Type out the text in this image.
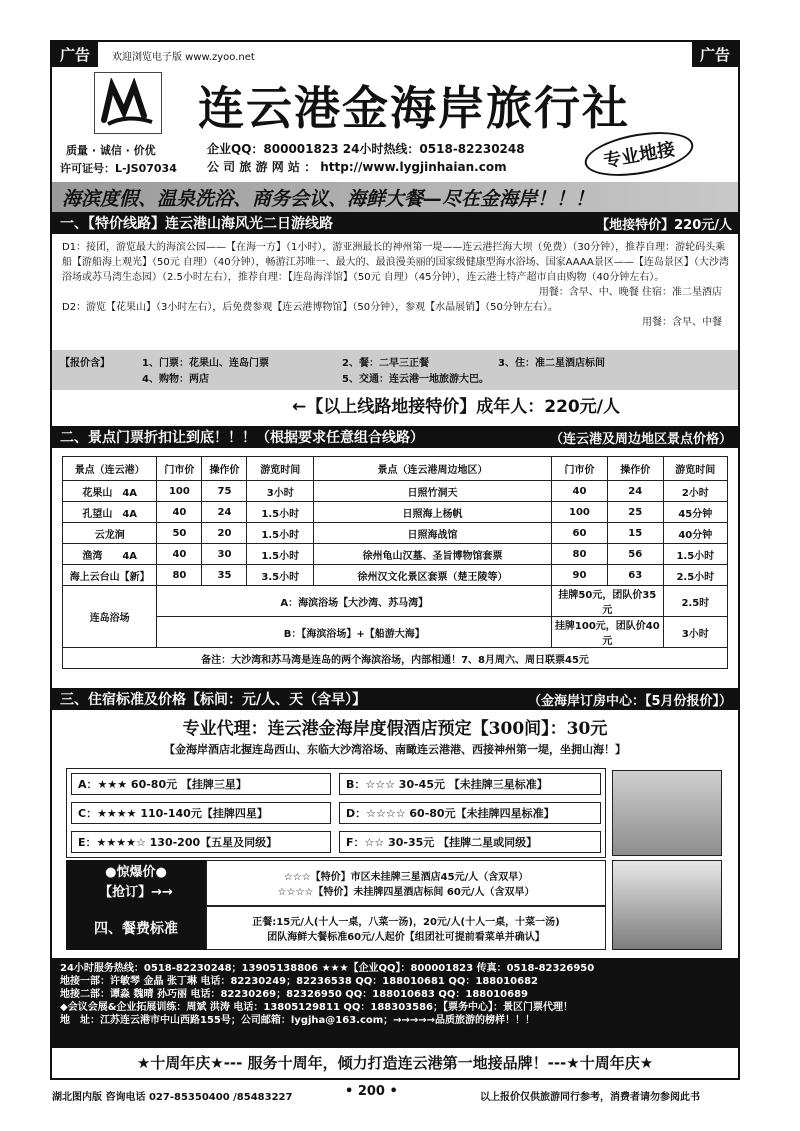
广告	欢迎浏览电子版 www.zyoo.net	广告
连云港金海岸旅行社
质量 · 诚信 · 价优
许可证号：L-JS07034
企业QQ：800001823 24小时热线：0518-82230248
公 司 旅 游 网 站 ： http://www.lygjinhaian.com	专业地接
海滨度假、温泉洗浴、商务会议、海鲜大餐—尽在金海岸！！！
一、【特价线路】连云港山海风光二日游线路	【地接特价】220元/人

D1：接团，游览最大的海滨公园——【在海一方】（1小时），游亚洲最长的神州第一堤——连云港拦海大坝（免费）（30分钟），推荐自理：游轮码头乘船【游船海上观光】（50元 自理）（40分钟），畅游江苏唯一、最大的、最浪漫美丽的国家级健康型海水浴场、国家AAAA景区——【连岛景区】（大沙湾浴场或苏马湾生态园）（2.5小时左右），推荐自理：【连岛海洋馆】（50元 自理）（45分钟），连云港土特产超市自由购物（40分钟左右）。

用餐：含早、中、晚餐 住宿：准二星酒店

D2：游览【花果山】（3小时左右），后免费参观【连云港博物馆】（50分钟），参观【水晶展销】（50分钟左右）。

用餐：含早、中餐

【报价含】	1、门票：花果山、连岛门票	2、餐：二早三正餐	3、住：准二星酒店标间
4、购物：两店	5、交通：连云港一地旅游大巴。
←【以上线路地接特价】成年人：220元/人
二、景点门票折扣让到底！！！（根据要求任意组合线路）	（连云港及周边地区景点价格）
景点（连云港）	门市价	操作价	游览时间	景点（连云港周边地区）	门市价	操作价	游览时间
花果山　4A	100	75	3小时	日照竹洞天	40	24	2小时
孔望山　4A	40	24	1.5小时	日照海上杨帆	100	25	45分钟
云龙涧	50	20	1.5小时	日照海战馆	60	15	40分钟
渔湾　　4A	40	30	1.5小时	徐州龟山汉墓、圣旨博物馆套票	80	56	1.5小时
海上云台山【新】	80	35	3.5小时	徐州汉文化景区套票（楚王陵等）	90	63	2.5小时
连岛浴场	A：海滨浴场【大沙湾、苏马湾】				挂牌50元，团队价35元		2.5时
	B：【海滨浴场】+【船游大海】				挂牌100元，团队价40元		3小时
备注：大沙湾和苏马湾是连岛的两个海滨浴场，内部相通！7、8月周六、周日联票45元							
三、住宿标准及价格【标间：元/人、天（含早）】	（金海岸订房中心：【5月份报价】）
专业代理：连云港金海岸度假酒店预定【300间】：30元
【金海岸酒店北握连岛西山、东临大沙湾浴场、南瞰连云港港、西接神州第一堤，坐拥山海！】
A：★★★ 60-80元 【挂牌三星】	B：☆☆☆ 30-45元 【未挂牌三星标准】
C：★★★★ 110-140元【挂牌四星】	D：☆☆☆☆ 60-80元【未挂牌四星标准】
E：★★★★☆ 130-200【五星及同级】	F：☆☆ 30-35元 【挂牌二星或同级】
●惊爆价●
【抢订】→→
☆☆☆【特价】市区未挂牌三星酒店45元/人（含双早）
☆☆☆☆【特价】未挂牌四星酒店标间 60元/人（含双早）
四、餐费标准	正餐:15元/人(十人一桌，八菜一汤)，20元/人(十人一桌，十菜一汤)
团队海鲜大餐标准60元/人起价【组团社可提前看菜单并确认】
24小时服务热线：0518-82230248；13905138806 ★★★【企业QQ】：800001823 传真：0518-82326950
地接一部：许敏琴 金晶 张丁琳 电话：82230249；82236538 QQ：188010681 QQ：188010682
地接二部：谭淼 魏晴 孙巧丽 电话：82230269；82326950 QQ：188010683 QQ：188010689
◆会议会展&企业拓展训练：周斌 洪涛 电话：13805129811 QQ：188303586；【票务中心】：景区门票代理！
地　址：江苏连云港市中山西路155号；公司邮箱：lygjha@163.com；→→→→→品质旅游的榜样！！！
★十周年庆★--- 服务十周年，倾力打造连云港第一地接品牌！---★十周年庆★
湖北图内版 咨询电话 027-85350400 /85483227	• 200 •	以上报价仅供旅游同行参考，消费者请勿参阅此书
